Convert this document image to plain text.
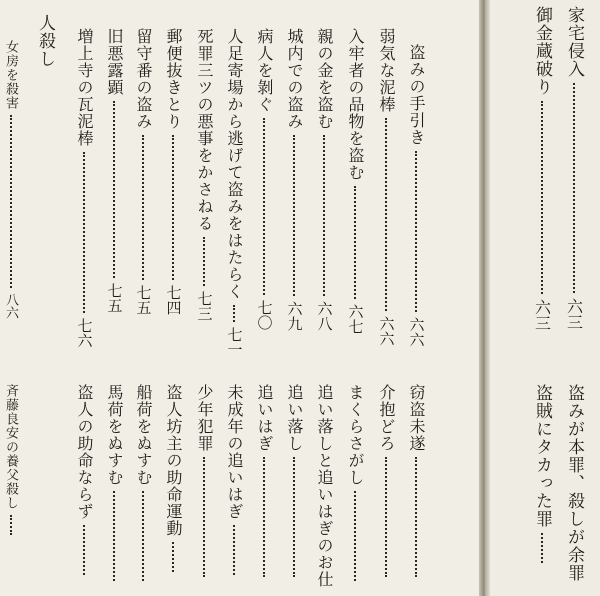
家宅侵入
六三
御金蔵破り
六三
盗みが本罪、殺しが余罪
盗賊にタカった罪
盗みの手引き
六六
弱気な泥棒
六六
入牢者の品物を盗む
六七
親の金を盗む
六八
城内での盗み
六九
病人を剝ぐ
七〇
人足寄場から逃げて盗みをはたらく
七一
死罪三ツの悪事をかさねる
七三
郵便抜きとり
七四
留守番の盗み
七五
旧悪露顕
七五
増上寺の瓦泥棒
七六
人殺し
女房を殺害
八六
窃盗未遂
介抱どろ
まくらさがし
追い落しと追いはぎのお仕
追い落し
追いはぎ
未成年の追いはぎ
少年犯罪
盗人坊主の助命運動
船荷をぬすむ
馬荷をぬすむ
盗人の助命ならず
斉藤良安の養父殺し
